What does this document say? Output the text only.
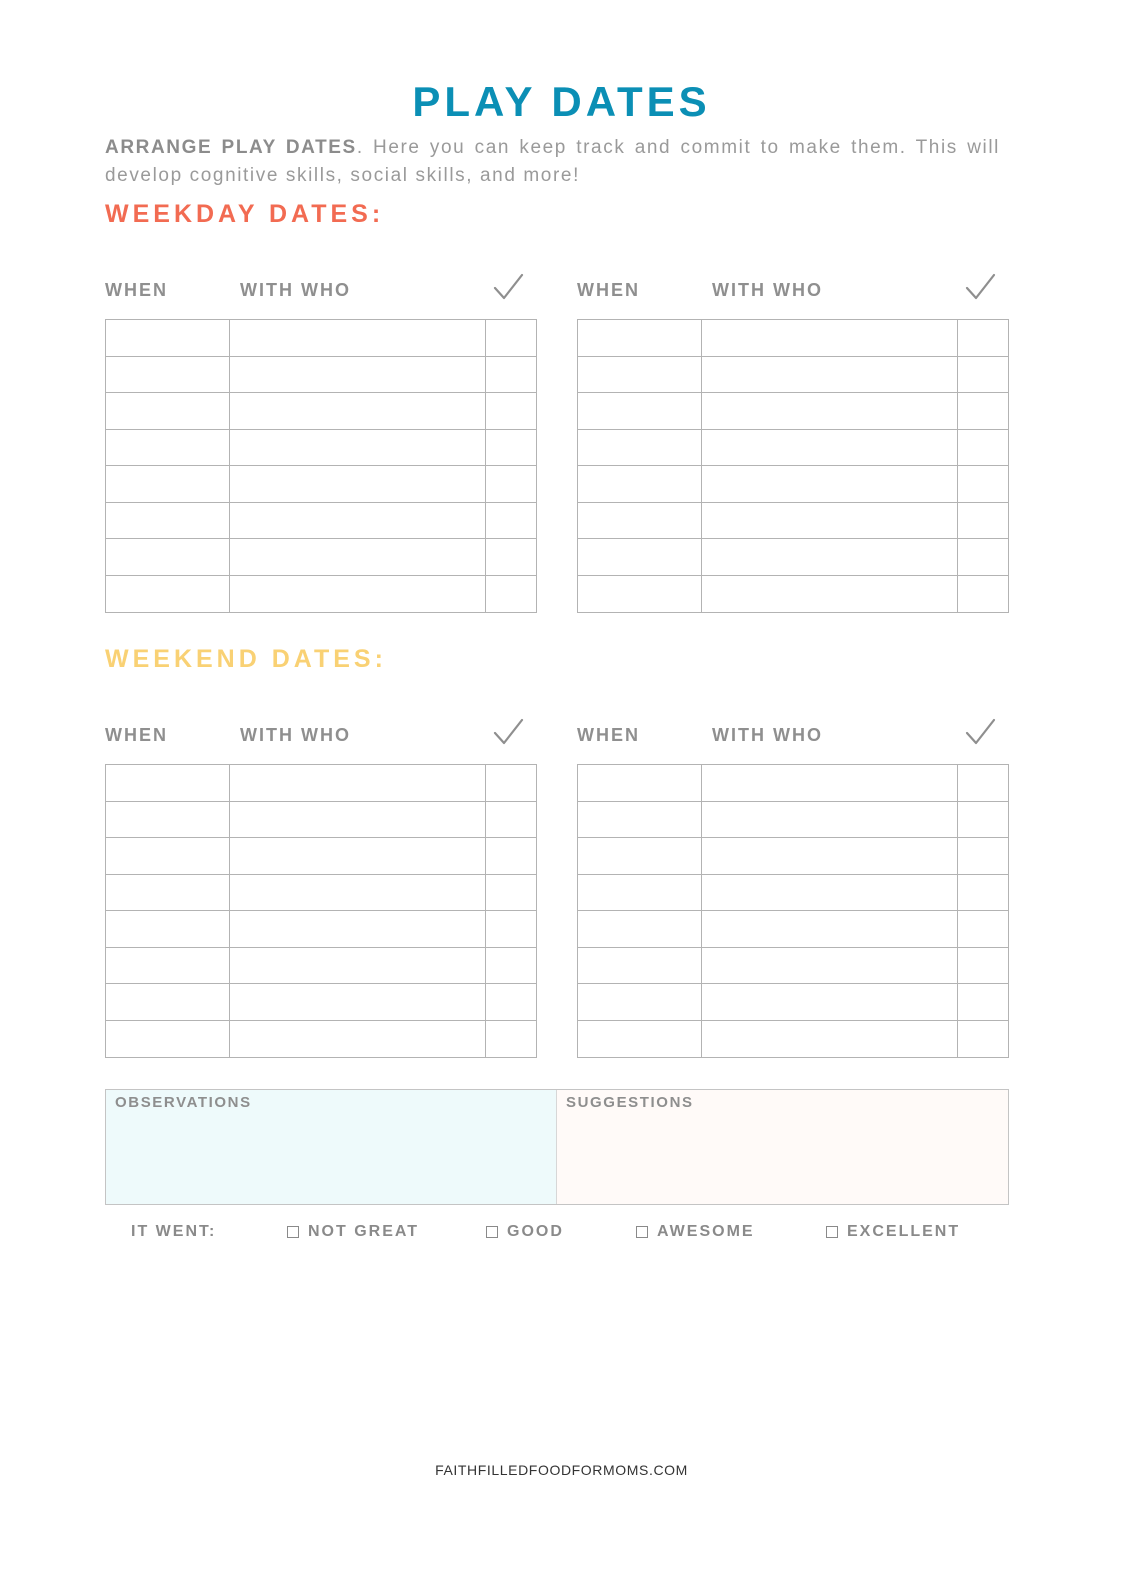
PLAY DATES

ARRANGE PLAY DATES. Here you can keep track and commit to make them. This will develop cognitive skills, social skills, and more!

WEEKDAY DATES:
WEEKEND DATES:
WHEN	WITH WHO	WHEN	WITH WHO
WHEN	WITH WHO	WHEN	WITH WHO
OBSERVATIONS	SUGGESTIONS
IT WENT:	NOT GREAT	GOOD	AWESOME	EXCELLENT
FAITHFILLEDFOODFORMOMS.COM
